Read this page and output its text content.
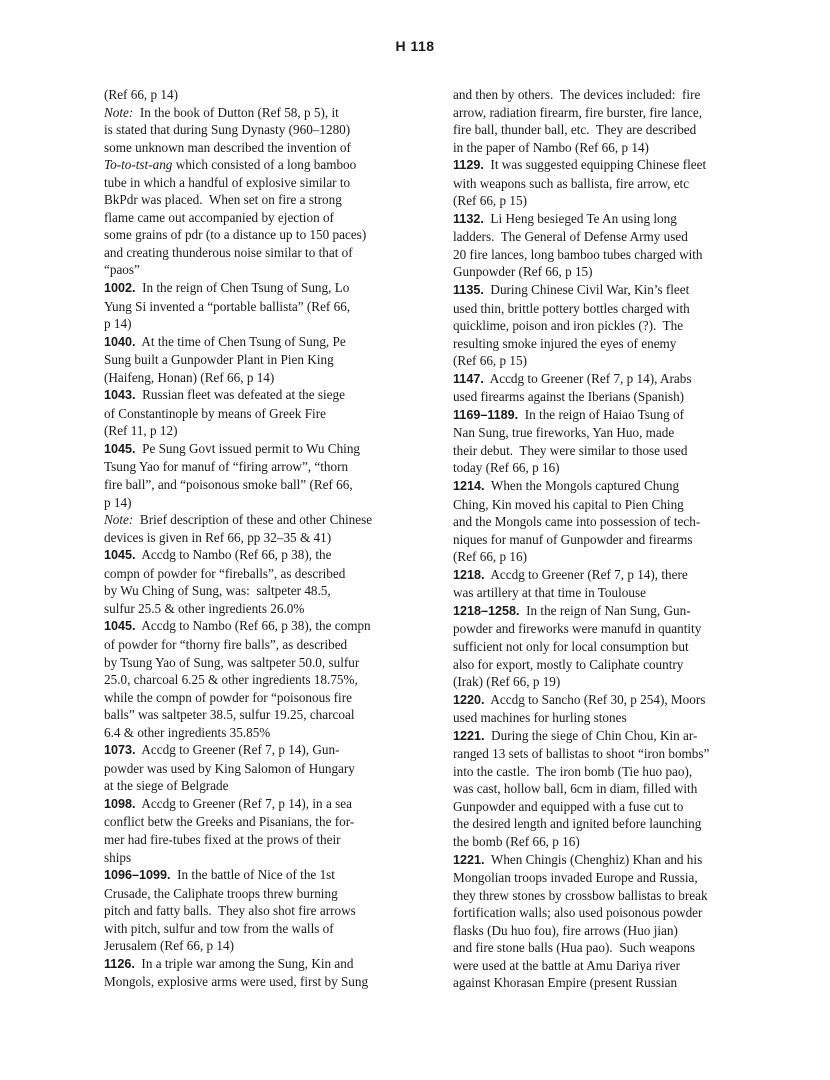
H 118
(Ref 66, p 14)
Note:  In the book of Dutton (Ref 58, p 5), it
is stated that during Sung Dynasty (960–1280)
some unknown man described the invention of
To-to-tst-ang which consisted of a long bamboo
tube in which a handful of explosive similar to
BkPdr was placed.  When set on fire a strong
flame came out accompanied by ejection of
some grains of pdr (to a distance up to 150 paces)
and creating thunderous noise similar to that of
“paos”
1002.  In the reign of Chen Tsung of Sung, Lo
Yung Si invented a “portable ballista” (Ref 66,
p 14)
1040.  At the time of Chen Tsung of Sung, Pe
Sung built a Gunpowder Plant in Pien King
(Haifeng, Honan) (Ref 66, p 14)
1043.  Russian fleet was defeated at the siege
of Constantinople by means of Greek Fire
(Ref 11, p 12)
1045.  Pe Sung Govt issued permit to Wu Ching
Tsung Yao for manuf of “firing arrow”, “thorn
fire ball”, and “poisonous smoke ball” (Ref 66,
p 14)
Note:  Brief description of these and other Chinese
devices is given in Ref 66, pp 32–35 & 41)
1045.  Accdg to Nambo (Ref 66, p 38), the
compn of powder for “fireballs”, as described
by Wu Ching of Sung, was:  saltpeter 48.5,
sulfur 25.5 & other ingredients 26.0%
1045.  Accdg to Nambo (Ref 66, p 38), the compn
of powder for “thorny fire balls”, as described
by Tsung Yao of Sung, was saltpeter 50.0, sulfur
25.0, charcoal 6.25 & other ingredients 18.75%,
while the compn of powder for “poisonous fire
balls” was saltpeter 38.5, sulfur 19.25, charcoal
6.4 & other ingredients 35.85%
1073.  Accdg to Greener (Ref 7, p 14), Gun-
powder was used by King Salomon of Hungary
at the siege of Belgrade
1098.  Accdg to Greener (Ref 7, p 14), in a sea
conflict betw the Greeks and Pisanians, the for-
mer had fire-tubes fixed at the prows of their
ships
1096–1099.  In the battle of Nice of the 1st
Crusade, the Caliphate troops threw burning
pitch and fatty balls.  They also shot fire arrows
with pitch, sulfur and tow from the walls of
Jerusalem (Ref 66, p 14)
1126.  In a triple war among the Sung, Kin and
Mongols, explosive arms were used, first by Sung
and then by others.  The devices included:  fire
arrow, radiation firearm, fire burster, fire lance,
fire ball, thunder ball, etc.  They are described
in the paper of Nambo (Ref 66, p 14)
1129.  It was suggested equipping Chinese fleet
with weapons such as ballista, fire arrow, etc
(Ref 66, p 15)
1132.  Li Heng besieged Te An using long
ladders.  The General of Defense Army used
20 fire lances, long bamboo tubes charged with
Gunpowder (Ref 66, p 15)
1135.  During Chinese Civil War, Kin’s fleet
used thin, brittle pottery bottles charged with
quicklime, poison and iron pickles (?).  The
resulting smoke injured the eyes of enemy
(Ref 66, p 15)
1147.  Accdg to Greener (Ref 7, p 14), Arabs
used firearms against the Iberians (Spanish)
1169–1189.  In the reign of Haiao Tsung of
Nan Sung, true fireworks, Yan Huo, made
their debut.  They were similar to those used
today (Ref 66, p 16)
1214.  When the Mongols captured Chung
Ching, Kin moved his capital to Pien Ching
and the Mongols came into possession of tech-
niques for manuf of Gunpowder and firearms
(Ref 66, p 16)
1218.  Accdg to Greener (Ref 7, p 14), there
was artillery at that time in Toulouse
1218–1258.  In the reign of Nan Sung, Gun-
powder and fireworks were manufd in quantity
sufficient not only for local consumption but
also for export, mostly to Caliphate country
(Irak) (Ref 66, p 19)
1220.  Accdg to Sancho (Ref 30, p 254), Moors
used machines for hurling stones
1221.  During the siege of Chin Chou, Kin ar-
ranged 13 sets of ballistas to shoot “iron bombs”
into the castle.  The iron bomb (Tie huo pao),
was cast, hollow ball, 6cm in diam, filled with
Gunpowder and equipped with a fuse cut to
the desired length and ignited before launching
the bomb (Ref 66, p 16)
1221.  When Chingis (Chenghiz) Khan and his
Mongolian troops invaded Europe and Russia,
they threw stones by crossbow ballistas to break
fortification walls; also used poisonous powder
flasks (Du huo fou), fire arrows (Huo jian)
and fire stone balls (Hua pao).  Such weapons
were used at the battle at Amu Dariya river
against Khorasan Empire (present Russian
